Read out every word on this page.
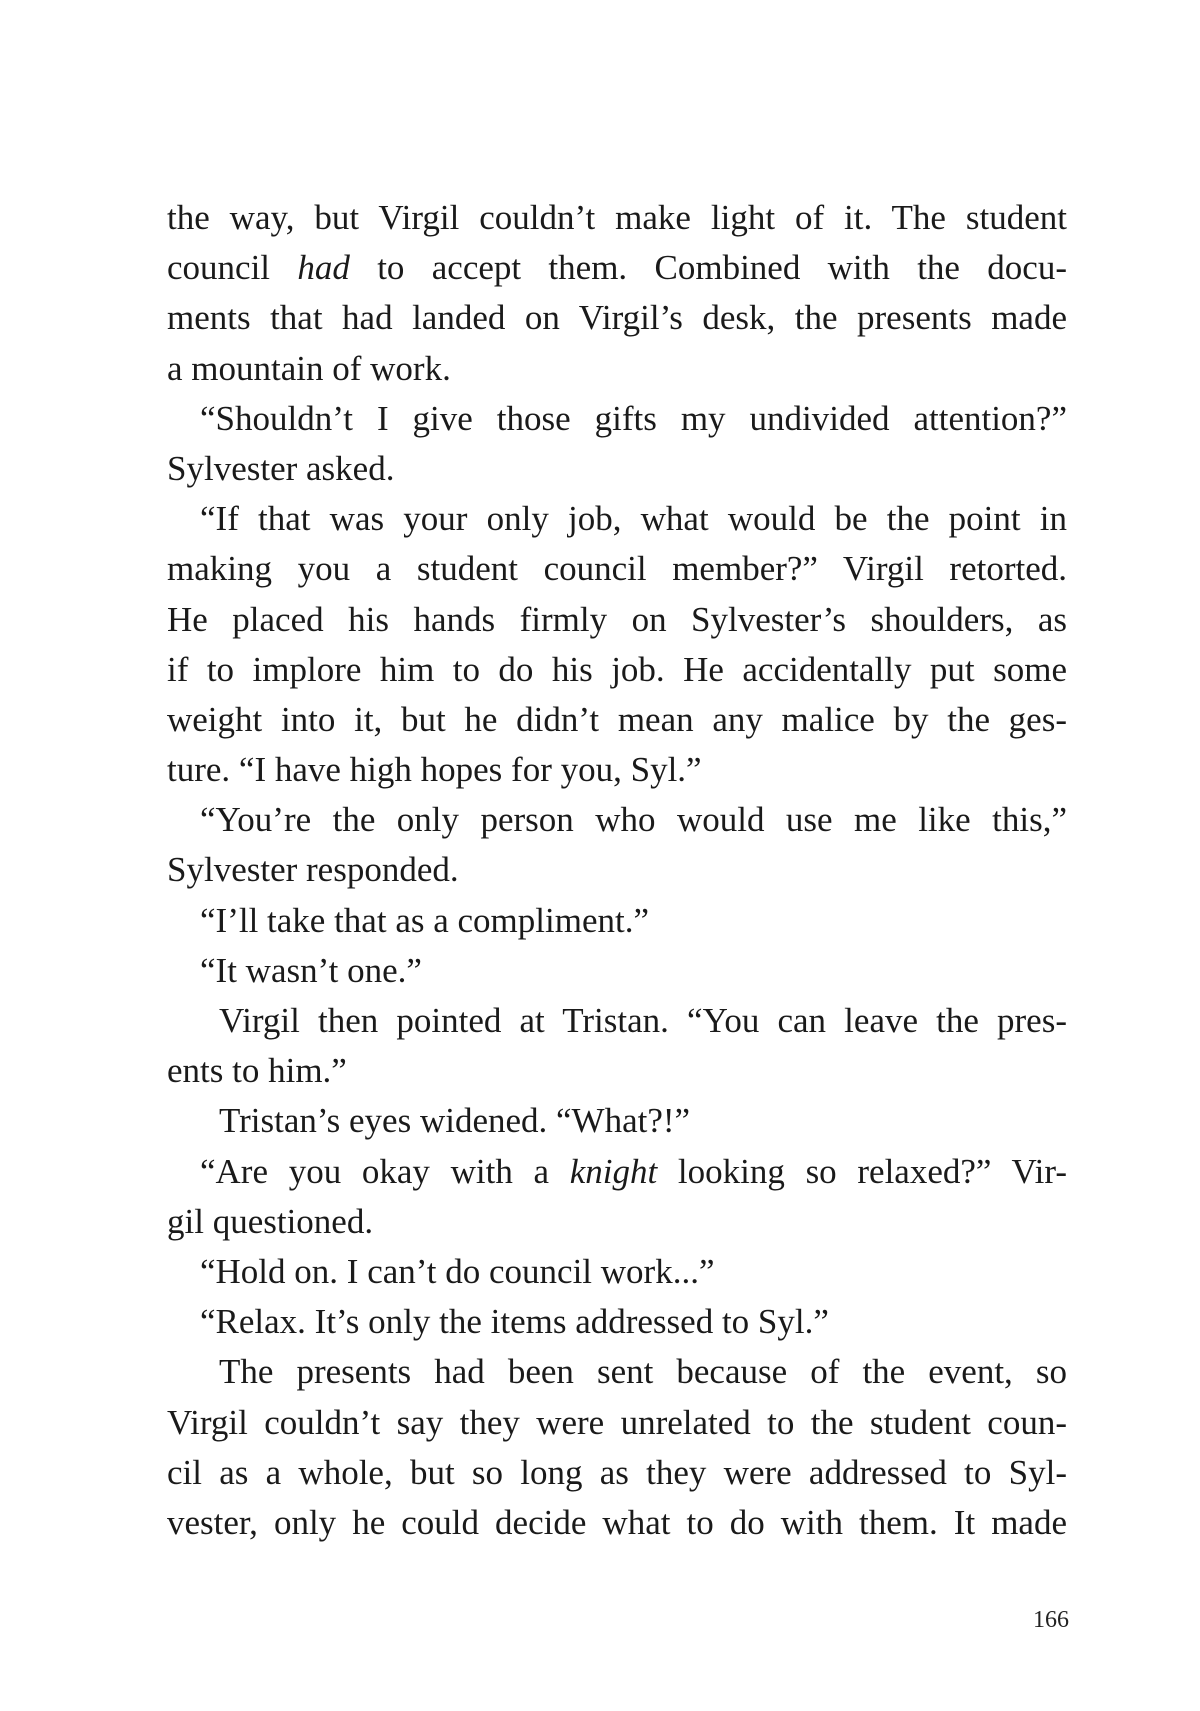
the way, but Virgil couldn’t make light of it. The student
council had to accept them. Combined with the docu-
ments that had landed on Virgil’s desk, the presents made
a mountain of work.
“Shouldn’t I give those gifts my undivided attention?”
Sylvester asked.
“If that was your only job, what would be the point in
making you a student council member?” Virgil retorted.
He placed his hands firmly on Sylvester’s shoulders, as
if to implore him to do his job. He accidentally put some
weight into it, but he didn’t mean any malice by the ges-
ture. “I have high hopes for you, Syl.”
“You’re the only person who would use me like this,”
Sylvester responded.
“I’ll take that as a compliment.”
“It wasn’t one.”
Virgil then pointed at Tristan. “You can leave the pres-
ents to him.”
Tristan’s eyes widened. “What?!”
“Are you okay with a knight looking so relaxed?” Vir-
gil questioned.
“Hold on. I can’t do council work...”
“Relax. It’s only the items addressed to Syl.”
The presents had been sent because of the event, so
Virgil couldn’t say they were unrelated to the student coun-
cil as a whole, but so long as they were addressed to Syl-
vester, only he could decide what to do with them. It made
166
